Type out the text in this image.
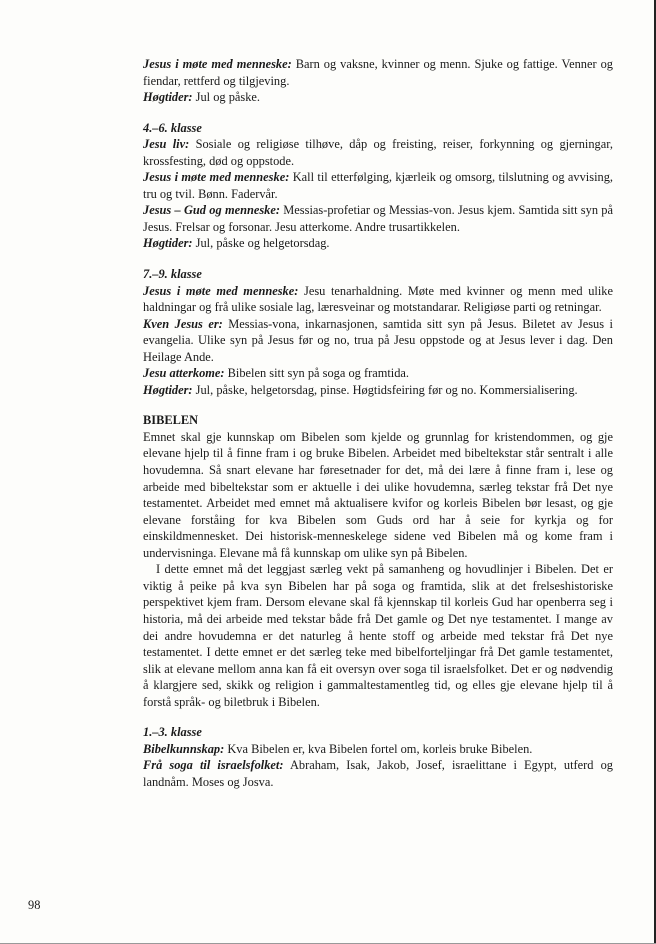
Jesus i møte med menneske: Barn og vaksne, kvinner og menn. Sjuke og fattige. Venner og fiendar, rettferd og tilgjeving.

Høgtider: Jul og påske.

4.–6. klasse

Jesu liv: Sosiale og religiøse tilhøve, dåp og freisting, reiser, forkynning og gjerningar, krossfesting, død og oppstode.

Jesus i møte med menneske: Kall til etterfølging, kjærleik og omsorg, tilslutning og avvising, tru og tvil. Bønn. Fadervår.

Jesus – Gud og menneske: Messias-profetiar og Messias-von. Jesus kjem. Samtida sitt syn på Jesus. Frelsar og forsonar. Jesu atterkome. Andre trusartikkelen.

Høgtider: Jul, påske og helgetorsdag.

7.–9. klasse

Jesus i møte med menneske: Jesu tenarhaldning. Møte med kvinner og menn med ulike haldningar og frå ulike sosiale lag, læresveinar og motstandarar. Religiøse parti og retningar.

Kven Jesus er: Messias-vona, inkarnasjonen, samtida sitt syn på Jesus. Biletet av Jesus i evangelia. Ulike syn på Jesus før og no, trua på Jesu oppstode og at Jesus lever i dag. Den Heilage Ande.

Jesu atterkome: Bibelen sitt syn på soga og framtida.

Høgtider: Jul, påske, helgetorsdag, pinse. Høgtidsfeiring før og no. Kommersialisering.

BIBELEN

Emnet skal gje kunnskap om Bibelen som kjelde og grunnlag for kristendommen, og gje elevane hjelp til å finne fram i og bruke Bibelen. Arbeidet med bibeltekstar står sentralt i alle hovudemna. Så snart elevane har føresetnader for det, må dei lære å finne fram i, lese og arbeide med bibeltekstar som er aktuelle i dei ulike hovudemna, særleg tekstar frå Det nye testamentet. Arbeidet med emnet må aktualisere kvifor og korleis Bibelen bør lesast, og gje elevane forståing for kva Bibelen som Guds ord har å seie for kyrkja og for einskildmennesket. Dei historisk-menneskelege sidene ved Bibelen må og kome fram i undervisninga. Elevane må få kunnskap om ulike syn på Bibelen.

I dette emnet må det leggjast særleg vekt på samanheng og hovudlinjer i Bibelen. Det er viktig å peike på kva syn Bibelen har på soga og framtida, slik at det frelseshistoriske perspektivet kjem fram. Dersom elevane skal få kjennskap til korleis Gud har openberra seg i historia, må dei arbeide med tekstar både frå Det gamle og Det nye testamentet. I mange av dei andre hovudemna er det naturleg å hente stoff og arbeide med tekstar frå Det nye testamentet. I dette emnet er det særleg teke med bibelforteljingar frå Det gamle testamentet, slik at elevane mellom anna kan få eit oversyn over soga til israelsfolket. Det er og nødvendig å klargjere sed, skikk og religion i gammaltestamentleg tid, og elles gje elevane hjelp til å forstå språk- og biletbruk i Bibelen.

1.–3. klasse

Bibelkunnskap: Kva Bibelen er, kva Bibelen fortel om, korleis bruke Bibelen.

Frå soga til israelsfolket: Abraham, Isak, Jakob, Josef, israelittane i Egypt, utferd og landnåm. Moses og Josva.

98
